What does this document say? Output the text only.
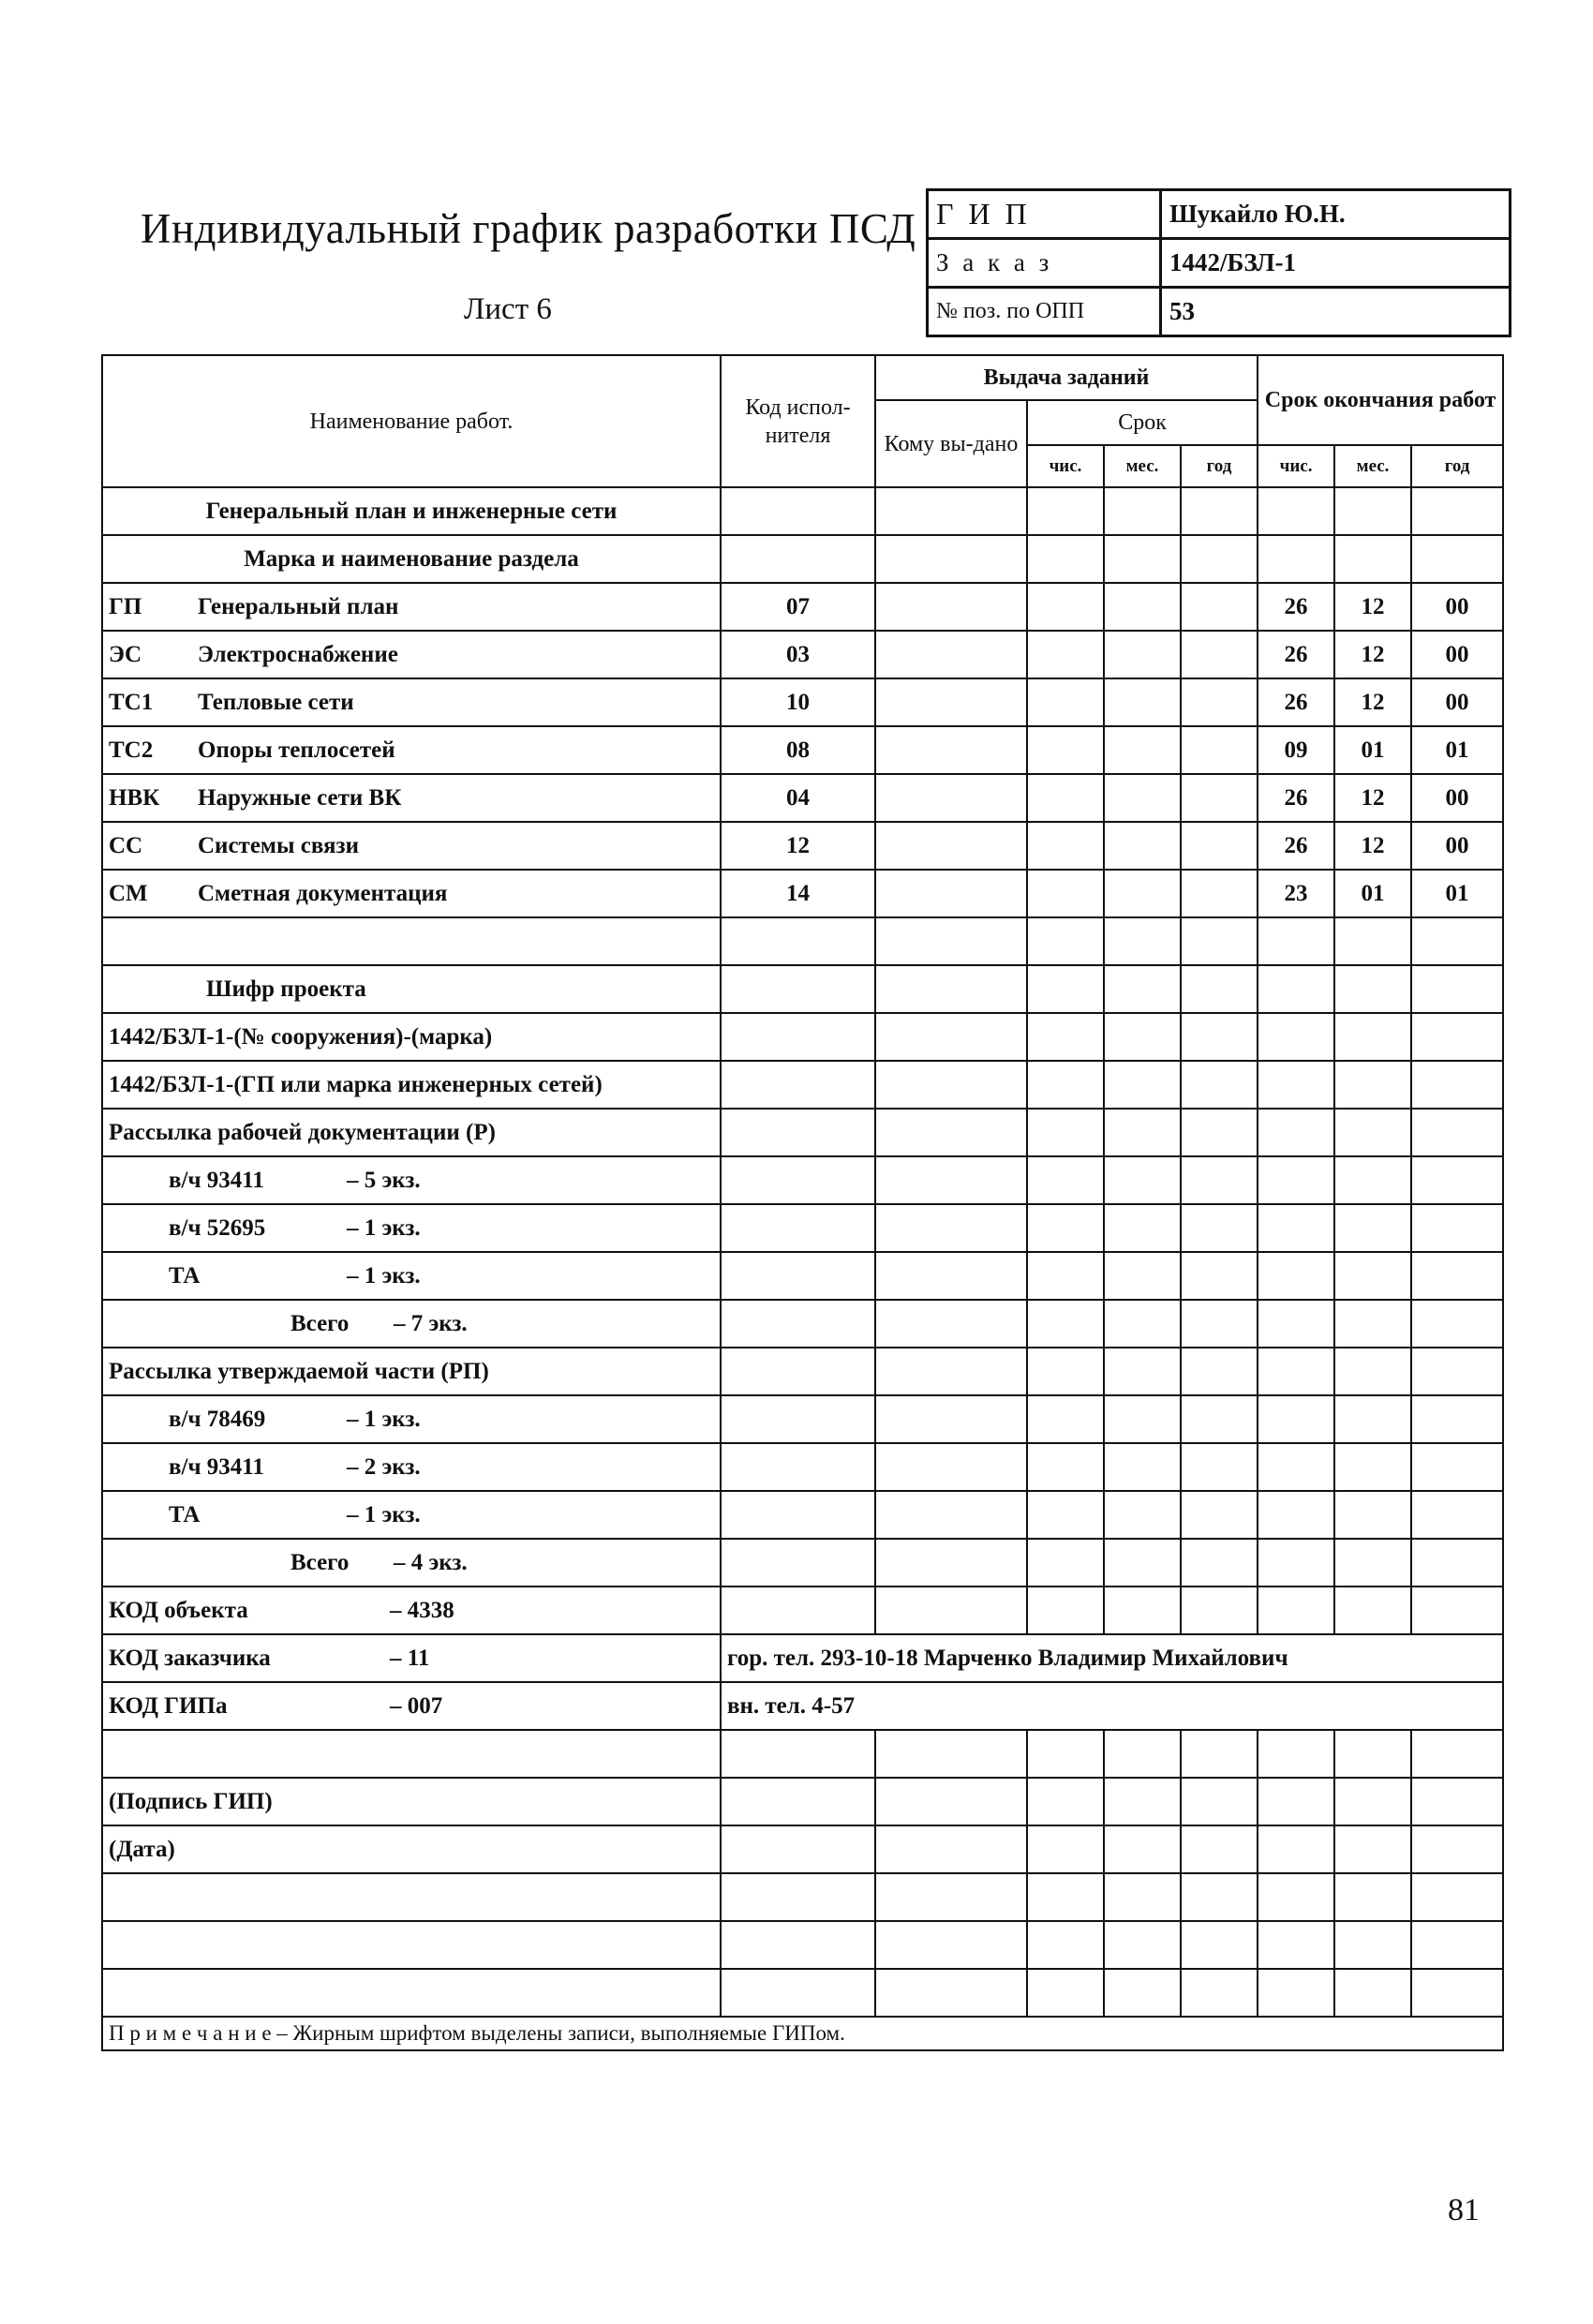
Индивидуальный график разработки ПСД
Лист 6
Г И П	Шукайло Ю.Н.
З а к а з	1442/БЗЛ-1
№ поз. по ОПП	53
Наименование работ.	Код испол-нителя	Выдача заданий				Срок окончания работ		
		Кому вы-дано	Срок					
			чис.	мес.	год	чис.	мес.	год
Генеральный план и инженерные сети								
Марка и наименование раздела								
ГП Генеральный план	07					26	12	00
ЭС Электроснабжение	03					26	12	00
ТС1 Тепловые сети	10					26	12	00
ТС2 Опоры теплосетей	08					09	01	01
НВК Наружные сети ВК	04					26	12	00
СС Системы связи	12					26	12	00
СМ Сметная документация	14					23	01	01

Шифр проекта								
1442/БЗЛ-1-(№ сооружения)-(марка)								
1442/БЗЛ-1-(ГП или марка инженерных сетей)								
Рассылка рабочей документации (Р)								
в/ч 93411 – 5 экз.								
в/ч 52695 – 1 экз.								
ТА – 1 экз.								
Всего – 7 экз.								
Рассылка утверждаемой части (РП)								
в/ч 78469 – 1 экз.								
в/ч 93411 – 2 экз.								
ТА – 1 экз.								
Всего – 4 экз.								
КОД объекта – 4338								
КОД заказчика – 11	гор. тел. 293-10-18 Марченко Владимир Михайлович							
КОД ГИПа – 007	вн. тел. 4-57							

(Подпись ГИП)								
(Дата)								

П р и м е ч а н и е – Жирным шрифтом выделены записи, выполняемые ГИПом.								
81
